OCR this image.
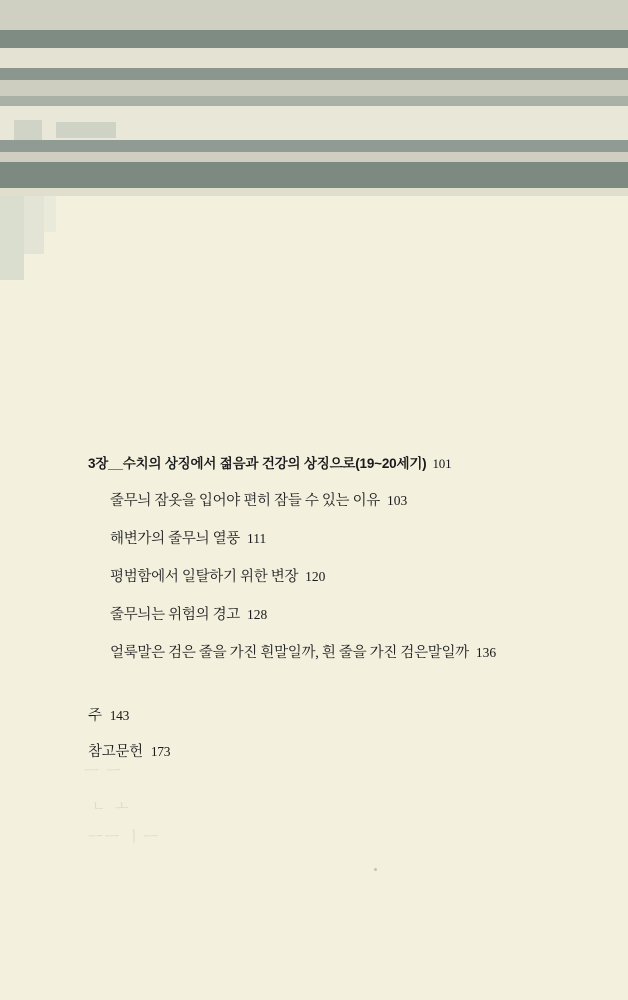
3장__수치의 상징에서 젊음과 건강의 상징으로(19~20세기) 101
줄무늬 잠옷을 입어야 편히 잠들 수 있는 이유 103
해변가의 줄무늬 열풍 111
평범함에서 일탈하기 위한 변장 120
줄무늬는 위험의 경고 128
얼룩말은 검은 줄을 가진 흰말일까, 흰 줄을 가진 검은말일까 136
주 143
참고문헌 173
ㅡ ㅡ
ㄴ ㅗ
ㅡㅡ ㅣㅡ
